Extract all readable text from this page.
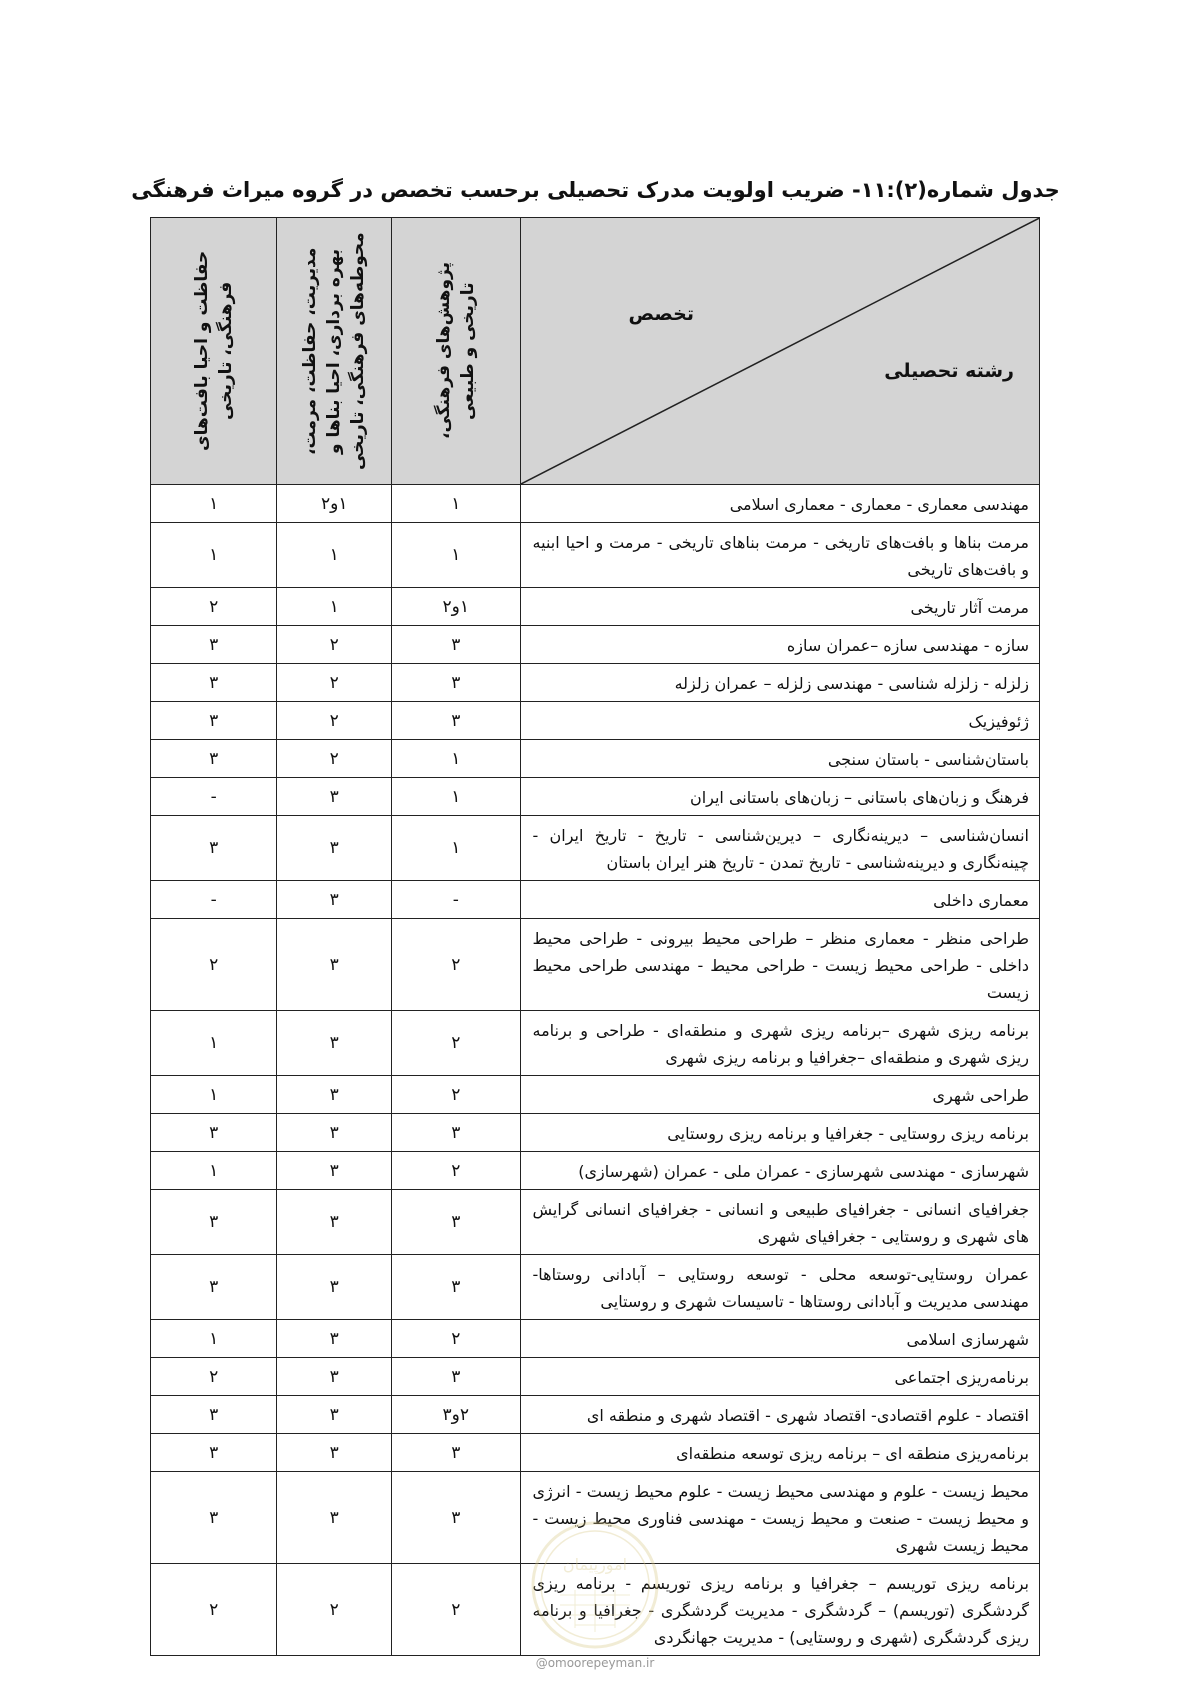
جدول شماره(۲):۱۱- ضریب اولویت مدرک تحصیلی برحسب تخصص در گروه میراث فرهنگی
تخصص
رشته تحصیلی	پژوهش‌های فرهنگی، تاریخی و طبیعی	مدیریت، حفاظت، مرمت، بهره برداری، احیا بناها و محوطه‌های فرهنگی، تاریخی	حفاظت و احیا بافت‌های فرهنگی، تاریخی

مهندسی معماری - معماری - معماری اسلامی	۱	۱و۲	۱
مرمت بناها و بافت‌های تاریخی - مرمت بناهای تاریخی - مرمت و احیا ابنیه و بافت‌های تاریخی	۱	۱	۱
مرمت آثار تاریخی	۱و۲	۱	۲
سازه - مهندسی سازه –عمران سازه	۳	۲	۳
زلزله - زلزله شناسی - مهندسی زلزله – عمران زلزله	۳	۲	۳
ژئوفیزیک	۳	۲	۳
باستان‌شناسی - باستان سنجی	۱	۲	۳
فرهنگ و زبان‌های باستانی – زبان‌های باستانی ایران	۱	۳	-
انسان‌شناسی – دیرینه‌نگاری – دیرین‌شناسی - تاریخ - تاریخ ایران - چینه‌نگاری و دیرینه‌شناسی - تاریخ تمدن - تاریخ هنر ایران باستان	۱	۳	۳
معماری داخلی	-	۳	-
طراحی منظر - معماری منظر – طراحی محیط بیرونی - طراحی محیط داخلی - طراحی محیط زیست - طراحی محیط - مهندسی طراحی محیط زیست	۲	۳	۲
برنامه ریزی شهری –برنامه ریزی شهری و منطقه‌ای - طراحی و برنامه ریزی شهری و منطقه‌ای –جغرافیا و برنامه ریزی شهری	۲	۳	۱
طراحی شهری	۲	۳	۱
برنامه ریزی روستایی - جغرافیا و برنامه ریزی روستایی	۳	۳	۳
شهرسازی - مهندسی شهرسازی - عمران ملی - عمران (شهرسازی)	۲	۳	۱
جغرافیای انسانی - جغرافیای طبیعی و انسانی - جغرافیای انسانی گرایش های شهری و روستایی - جغرافیای شهری	۳	۳	۳
عمران روستایی-توسعه محلی - توسعه روستایی – آبادانی روستاها- مهندسی مدیریت و آبادانی روستاها - تاسیسات شهری و روستایی	۳	۳	۳
شهرسازی اسلامی	۲	۳	۱
برنامه‌ریزی اجتماعی	۳	۳	۲
اقتصاد - علوم اقتصادی- اقتصاد شهری - اقتصاد شهری و منطقه ای	۲و۳	۳	۳
برنامه‌ریزی منطقه ای – برنامه ریزی توسعه منطقه‌ای	۳	۳	۳
محیط زیست - علوم و مهندسی محیط زیست - علوم محیط زیست - انرژی و محیط زیست - صنعت و محیط زیست - مهندسی فناوری محیط زیست - محیط زیست شهری	۳	۳	۳
برنامه ریزی توریسم – جغرافیا و برنامه ریزی توریسم - برنامه ریزی گردشگری (توریسم) – گردشگری - مدیریت گردشگری - جغرافیا و برنامه ریزی گردشگری (شهری و روستایی) - مدیریت جهانگردی	۲	۲	۲
امورپیمان
@omoorepeyman.ir
